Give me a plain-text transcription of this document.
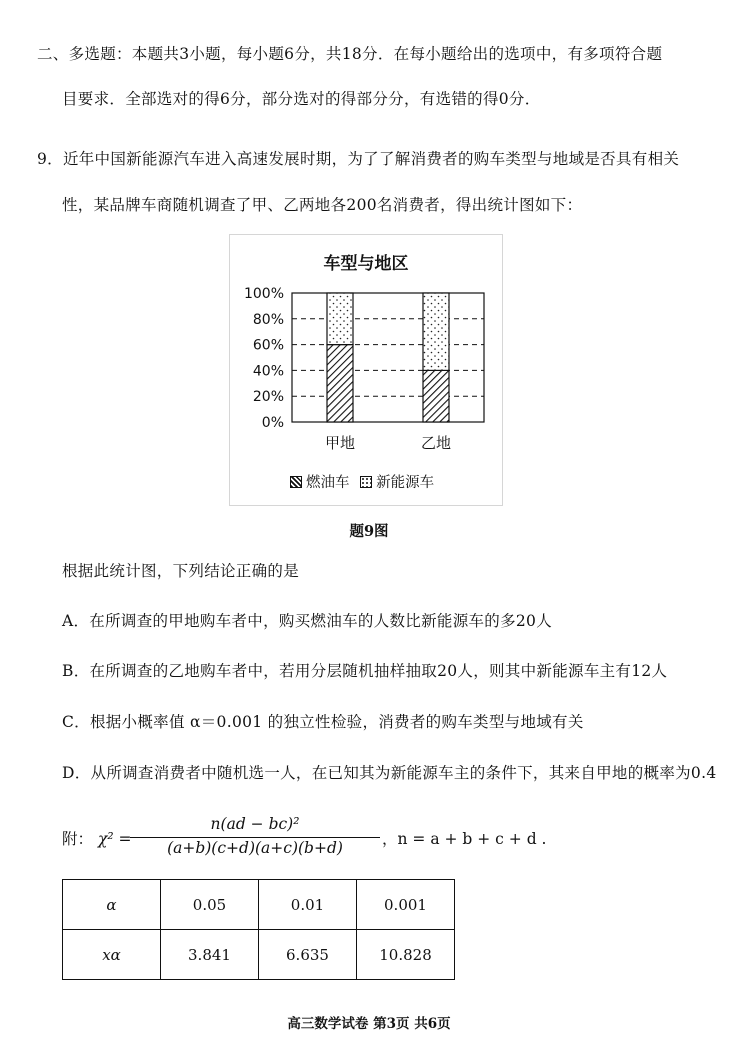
二、多选题：本题共3小题，每小题6分，共18分．在每小题给出的选项中，有多项符合题
目要求．全部选对的得6分，部分选对的得部分分，有选错的得0分．
9．近年中国新能源汽车进入高速发展时期，为了了解消费者的购车类型与地域是否具有相关
性，某品牌车商随机调查了甲、乙两地各200名消费者，得出统计图如下：
车型与地区
0%
20%
40%
60%
80%
100%
甲地	乙地
燃油车 新能源车
题9图
根据此统计图，下列结论正确的是
A．在所调查的甲地购车者中，购买燃油车的人数比新能源车的多20人
B．在所调查的乙地购车者中，若用分层随机抽样抽取20人，则其中新能源车主有12人
C．根据小概率值 α＝0.001 的独立性检验，消费者的购车类型与地域有关
D．从所调查消费者中随机选一人，在已知其为新能源车主的条件下，其来自甲地的概率为0.4
附： χ² =
n(ad − bc)²
(a+b)(c+d)(a+c)(b+d)	，n = a + b + c + d .
α	0.05	0.01	0.001
xα	3.841	6.635	10.828
高三数学试卷 第3页 共6页
